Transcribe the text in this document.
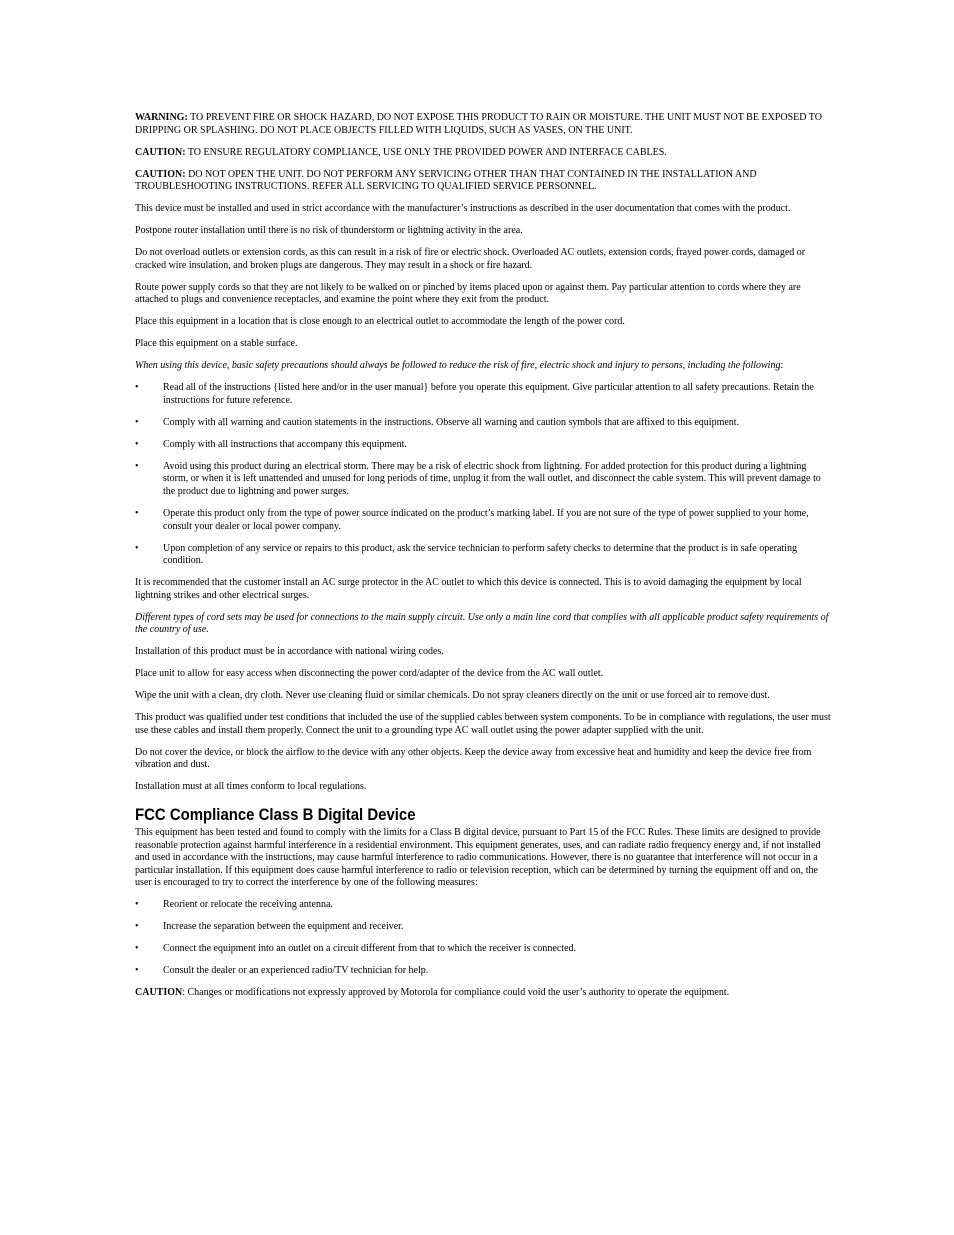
WARNING: TO PREVENT FIRE OR SHOCK HAZARD, DO NOT EXPOSE THIS PRODUCT TO RAIN OR MOISTURE. THE UNIT MUST NOT BE EXPOSED TO DRIPPING OR SPLASHING. DO NOT PLACE OBJECTS FILLED WITH LIQUIDS, SUCH AS VASES, ON THE UNIT.

CAUTION: TO ENSURE REGULATORY COMPLIANCE, USE ONLY THE PROVIDED POWER AND INTERFACE CABLES.

CAUTION: DO NOT OPEN THE UNIT. DO NOT PERFORM ANY SERVICING OTHER THAN THAT CONTAINED IN THE INSTALLATION AND TROUBLESHOOTING INSTRUCTIONS. REFER ALL SERVICING TO QUALIFIED SERVICE PERSONNEL.

This device must be installed and used in strict accordance with the manufacturer’s instructions as described in the user documentation that comes with the product.

Postpone router installation until there is no risk of thunderstorm or lightning activity in the area.

Do not overload outlets or extension cords, as this can result in a risk of fire or electric shock. Overloaded AC outlets, extension cords, frayed power cords, damaged or cracked wire insulation, and broken plugs are dangerous. They may result in a shock or fire hazard.

Route power supply cords so that they are not likely to be walked on or pinched by items placed upon or against them. Pay particular attention to cords where they are attached to plugs and convenience receptacles, and examine the point where they exit from the product.

Place this equipment in a location that is close enough to an electrical outlet to accommodate the length of the power cord.

Place this equipment on a stable surface.

When using this device, basic safety precautions should always be followed to reduce the risk of fire, electric shock and injury to persons, including the following:

• Read all of the instructions {listed here and/or in the user manual} before you operate this equipment. Give particular attention to all safety precautions. Retain the instructions for future reference.
• Comply with all warning and caution statements in the instructions. Observe all warning and caution symbols that are affixed to this equipment.
• Comply with all instructions that accompany this equipment.
• Avoid using this product during an electrical storm. There may be a risk of electric shock from lightning. For added protection for this product during a lightning storm, or when it is left unattended and unused for long periods of time, unplug it from the wall outlet, and disconnect the cable system. This will prevent damage to the product due to lightning and power surges.
• Operate this product only from the type of power source indicated on the product’s marking label. If you are not sure of the type of power supplied to your home, consult your dealer or local power company.
• Upon completion of any service or repairs to this product, ask the service technician to perform safety checks to determine that the product is in safe operating condition.

It is recommended that the customer install an AC surge protector in the AC outlet to which this device is connected. This is to avoid damaging the equipment by local lightning strikes and other electrical surges.

Different types of cord sets may be used for connections to the main supply circuit. Use only a main line cord that complies with all applicable product safety requirements of the country of use.

Installation of this product must be in accordance with national wiring codes.

Place unit to allow for easy access when disconnecting the power cord/adapter of the device from the AC wall outlet.

Wipe the unit with a clean, dry cloth. Never use cleaning fluid or similar chemicals. Do not spray cleaners directly on the unit or use forced air to remove dust.

This product was qualified under test conditions that included the use of the supplied cables between system components. To be in compliance with regulations, the user must use these cables and install them properly. Connect the unit to a grounding type AC wall outlet using the power adapter supplied with the unit.

Do not cover the device, or block the airflow to the device with any other objects. Keep the device away from excessive heat and humidity and keep the device free from vibration and dust.

Installation must at all times conform to local regulations.

FCC Compliance Class B Digital Device

This equipment has been tested and found to comply with the limits for a Class B digital device, pursuant to Part 15 of the FCC Rules. These limits are designed to provide reasonable protection against harmful interference in a residential environment. This equipment generates, uses, and can radiate radio frequency energy and, if not installed and used in accordance with the instructions, may cause harmful interference to radio communications. However, there is no guarantee that interference will not occur in a particular installation. If this equipment does cause harmful interference to radio or television reception, which can be determined by turning the equipment off and on, the user is encouraged to try to correct the interference by one of the following measures:

• Reorient or relocate the receiving antenna.
• Increase the separation between the equipment and receiver.
• Connect the equipment into an outlet on a circuit different from that to which the receiver is connected.
• Consult the dealer or an experienced radio/TV technician for help.

CAUTION: Changes or modifications not expressly approved by Motorola for compliance could void the user’s authority to operate the equipment.
